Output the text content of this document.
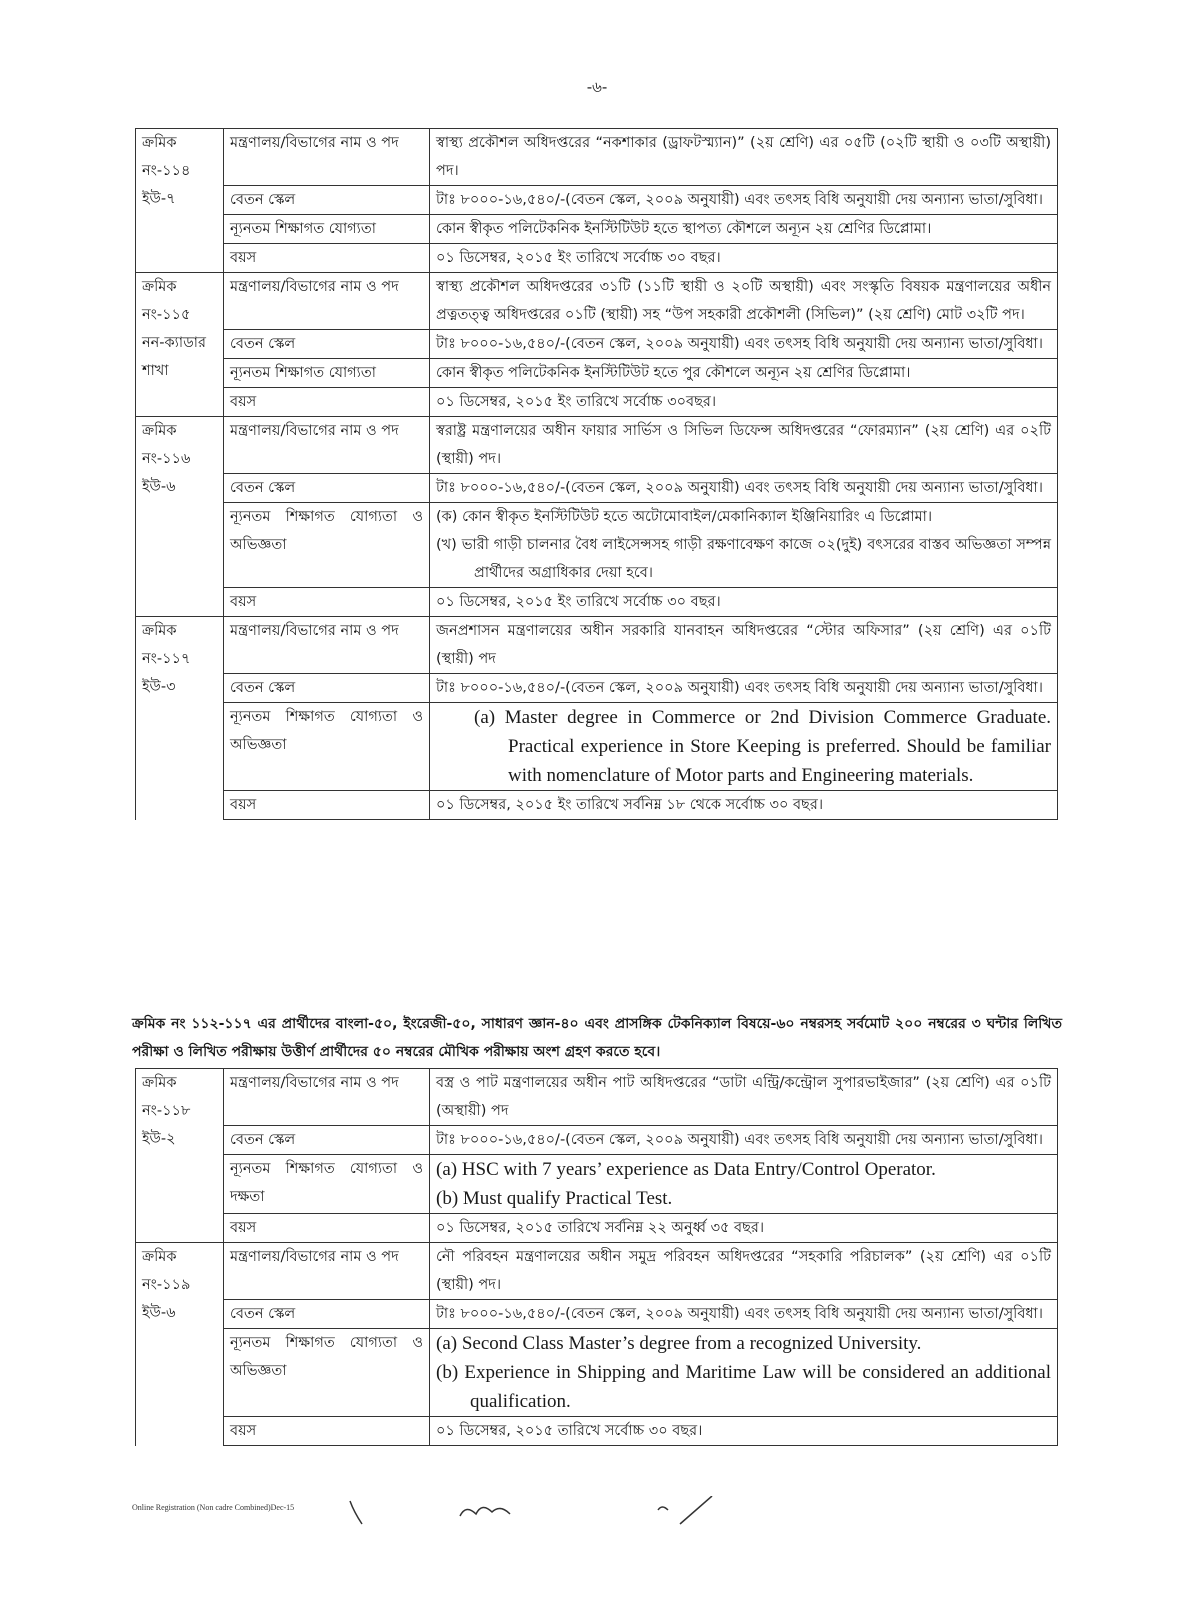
-৬-
ক্রমিক
নং-১১৪
ইউ-৭	মন্ত্রণালয়/বিভাগের নাম ও পদ	স্বাস্থ্য প্রকৌশল অধিদপ্তরের “নকশাকার (ড্রাফটস্ম্যান)” (২য় শ্রেণি) এর ০৫টি (০২টি স্থায়ী ও ০৩টি অস্থায়ী) পদ।
	বেতন স্কেল	টাঃ ৮০০০-১৬,৫৪০/-(বেতন স্কেল, ২০০৯ অনুযায়ী) এবং তৎসহ বিধি অনুযায়ী দেয় অন্যান্য ভাতা/সুবিধা।
	ন্যূনতম শিক্ষাগত যোগ্যতা	কোন স্বীকৃত পলিটেকনিক ইনস্টিটিউট হতে স্থাপত্য কৌশলে অন্যূন ২য় শ্রেণির ডিপ্লোমা।
	বয়স	০১ ডিসেম্বর, ২০১৫ ইং তারিখে সর্বোচ্চ ৩০ বছর।

ক্রমিক
নং-১১৫
নন-ক্যাডার
শাখা	মন্ত্রণালয়/বিভাগের নাম ও পদ	স্বাস্থ্য প্রকৌশল অধিদপ্তরের ৩১টি (১১টি স্থায়ী ও ২০টি অস্থায়ী) এবং সংস্কৃতি বিষয়ক মন্ত্রণালয়ের অধীন প্রত্নতত্ত্ব অধিদপ্তরের ০১টি (স্থায়ী) সহ “উপ সহকারী প্রকৌশলী (সিভিল)” (২য় শ্রেণি) মোট ৩২টি পদ।
	বেতন স্কেল	টাঃ ৮০০০-১৬,৫৪০/-(বেতন স্কেল, ২০০৯ অনুযায়ী) এবং তৎসহ বিধি অনুযায়ী দেয় অন্যান্য ভাতা/সুবিধা।
	ন্যূনতম শিক্ষাগত যোগ্যতা	কোন স্বীকৃত পলিটেকনিক ইনস্টিটিউট হতে পুর কৌশলে অন্যূন ২য় শ্রেণির ডিপ্লোমা।
	বয়স	০১ ডিসেম্বর, ২০১৫ ইং তারিখে সর্বোচ্চ ৩০বছর।

ক্রমিক
নং-১১৬
ইউ-৬	মন্ত্রণালয়/বিভাগের নাম ও পদ	স্বরাষ্ট্র মন্ত্রণালয়ের অধীন ফায়ার সার্ভিস ও সিভিল ডিফেন্স অধিদপ্তরের “ফোরম্যান” (২য় শ্রেণি) এর ০২টি (স্থায়ী) পদ।
	বেতন স্কেল	টাঃ ৮০০০-১৬,৫৪০/-(বেতন স্কেল, ২০০৯ অনুযায়ী) এবং তৎসহ বিধি অনুযায়ী দেয় অন্যান্য ভাতা/সুবিধা।
	ন্যূনতম শিক্ষাগত যোগ্যতা ও অভিজ্ঞতা	(ক) কোন স্বীকৃত ইনস্টিটিউট হতে অটোমোবাইল/মেকানিক্যাল ইঞ্জিনিয়ারিং এ ডিপ্লোমা।
(খ) ভারী গাড়ী চালনার বৈধ লাইসেন্সসহ গাড়ী রক্ষণাবেক্ষণ কাজে ০২(দুই) বৎসরের বাস্তব অভিজ্ঞতা সম্পন্ন প্রার্থীদের অগ্রাধিকার দেয়া হবে।

	বয়স	০১ ডিসেম্বর, ২০১৫ ইং তারিখে সর্বোচ্চ ৩০ বছর।

ক্রমিক
নং-১১৭
ইউ-৩	মন্ত্রণালয়/বিভাগের নাম ও পদ	জনপ্রশাসন মন্ত্রণালয়ের অধীন সরকারি যানবাহন অধিদপ্তরের “স্টোর অফিসার” (২য় শ্রেণি) এর ০১টি (স্থায়ী) পদ
	বেতন স্কেল	টাঃ ৮০০০-১৬,৫৪০/-(বেতন স্কেল, ২০০৯ অনুযায়ী) এবং তৎসহ বিধি অনুযায়ী দেয় অন্যান্য ভাতা/সুবিধা।
	ন্যূনতম শিক্ষাগত যোগ্যতা ও অভিজ্ঞতা	(a) Master degree in Commerce or 2nd Division Commerce Graduate. Practical experience in Store Keeping is preferred. Should be familiar with nomenclature of Motor parts and Engineering materials.

	বয়স	০১ ডিসেম্বর, ২০১৫ ইং তারিখে সর্বনিম্ন ১৮ থেকে সর্বোচ্চ ৩০ বছর।
ক্রমিক নং ১১২-১১৭ এর প্রার্থীদের বাংলা-৫০, ইংরেজী-৫০, সাধারণ জ্ঞান-৪০ এবং প্রাসঙ্গিক টেকনিক্যাল বিষয়ে-৬০ নম্বরসহ সর্বমোট ২০০ নম্বরের ৩ ঘন্টার লিখিত পরীক্ষা ও লিখিত পরীক্ষায় উত্তীর্ণ প্রার্থীদের ৫০ নম্বরের মৌখিক পরীক্ষায় অংশ গ্রহণ করতে হবে।
ক্রমিক
নং-১১৮
ইউ-২	মন্ত্রণালয়/বিভাগের নাম ও পদ	বস্ত্র ও পাট মন্ত্রণালয়ের অধীন পাট অধিদপ্তরের “ডাটা এন্ট্রি/কন্ট্রোল সুপারভাইজার” (২য় শ্রেণি) এর ০১টি (অস্থায়ী) পদ
	বেতন স্কেল	টাঃ ৮০০০-১৬,৫৪০/-(বেতন স্কেল, ২০০৯ অনুযায়ী) এবং তৎসহ বিধি অনুযায়ী দেয় অন্যান্য ভাতা/সুবিধা।
	ন্যূনতম শিক্ষাগত যোগ্যতা ও দক্ষতা	(a) HSC with 7 years’ experience as Data Entry/Control Operator.
(b) Must qualify Practical Test.

	বয়স	০১ ডিসেম্বর, ২০১৫ তারিখে সর্বনিম্ন ২২ অনুর্ধ্ব ৩৫ বছর।

ক্রমিক
নং-১১৯
ইউ-৬	মন্ত্রণালয়/বিভাগের নাম ও পদ	নৌ পরিবহন মন্ত্রণালয়ের অধীন সমুদ্র পরিবহন অধিদপ্তরের “সহকারি পরিচালক” (২য় শ্রেণি) এর ০১টি (স্থায়ী) পদ।
	বেতন স্কেল	টাঃ ৮০০০-১৬,৫৪০/-(বেতন স্কেল, ২০০৯ অনুযায়ী) এবং তৎসহ বিধি অনুযায়ী দেয় অন্যান্য ভাতা/সুবিধা।
	ন্যূনতম শিক্ষাগত যোগ্যতা ও অভিজ্ঞতা	(a) Second Class Master’s degree from a recognized University.
(b) Experience in Shipping and Maritime Law will be considered an additional qualification.

	বয়স	০১ ডিসেম্বর, ২০১৫ তারিখে সর্বোচ্চ ৩০ বছর।
Online Registration (Non cadre Combined)Dec-15
